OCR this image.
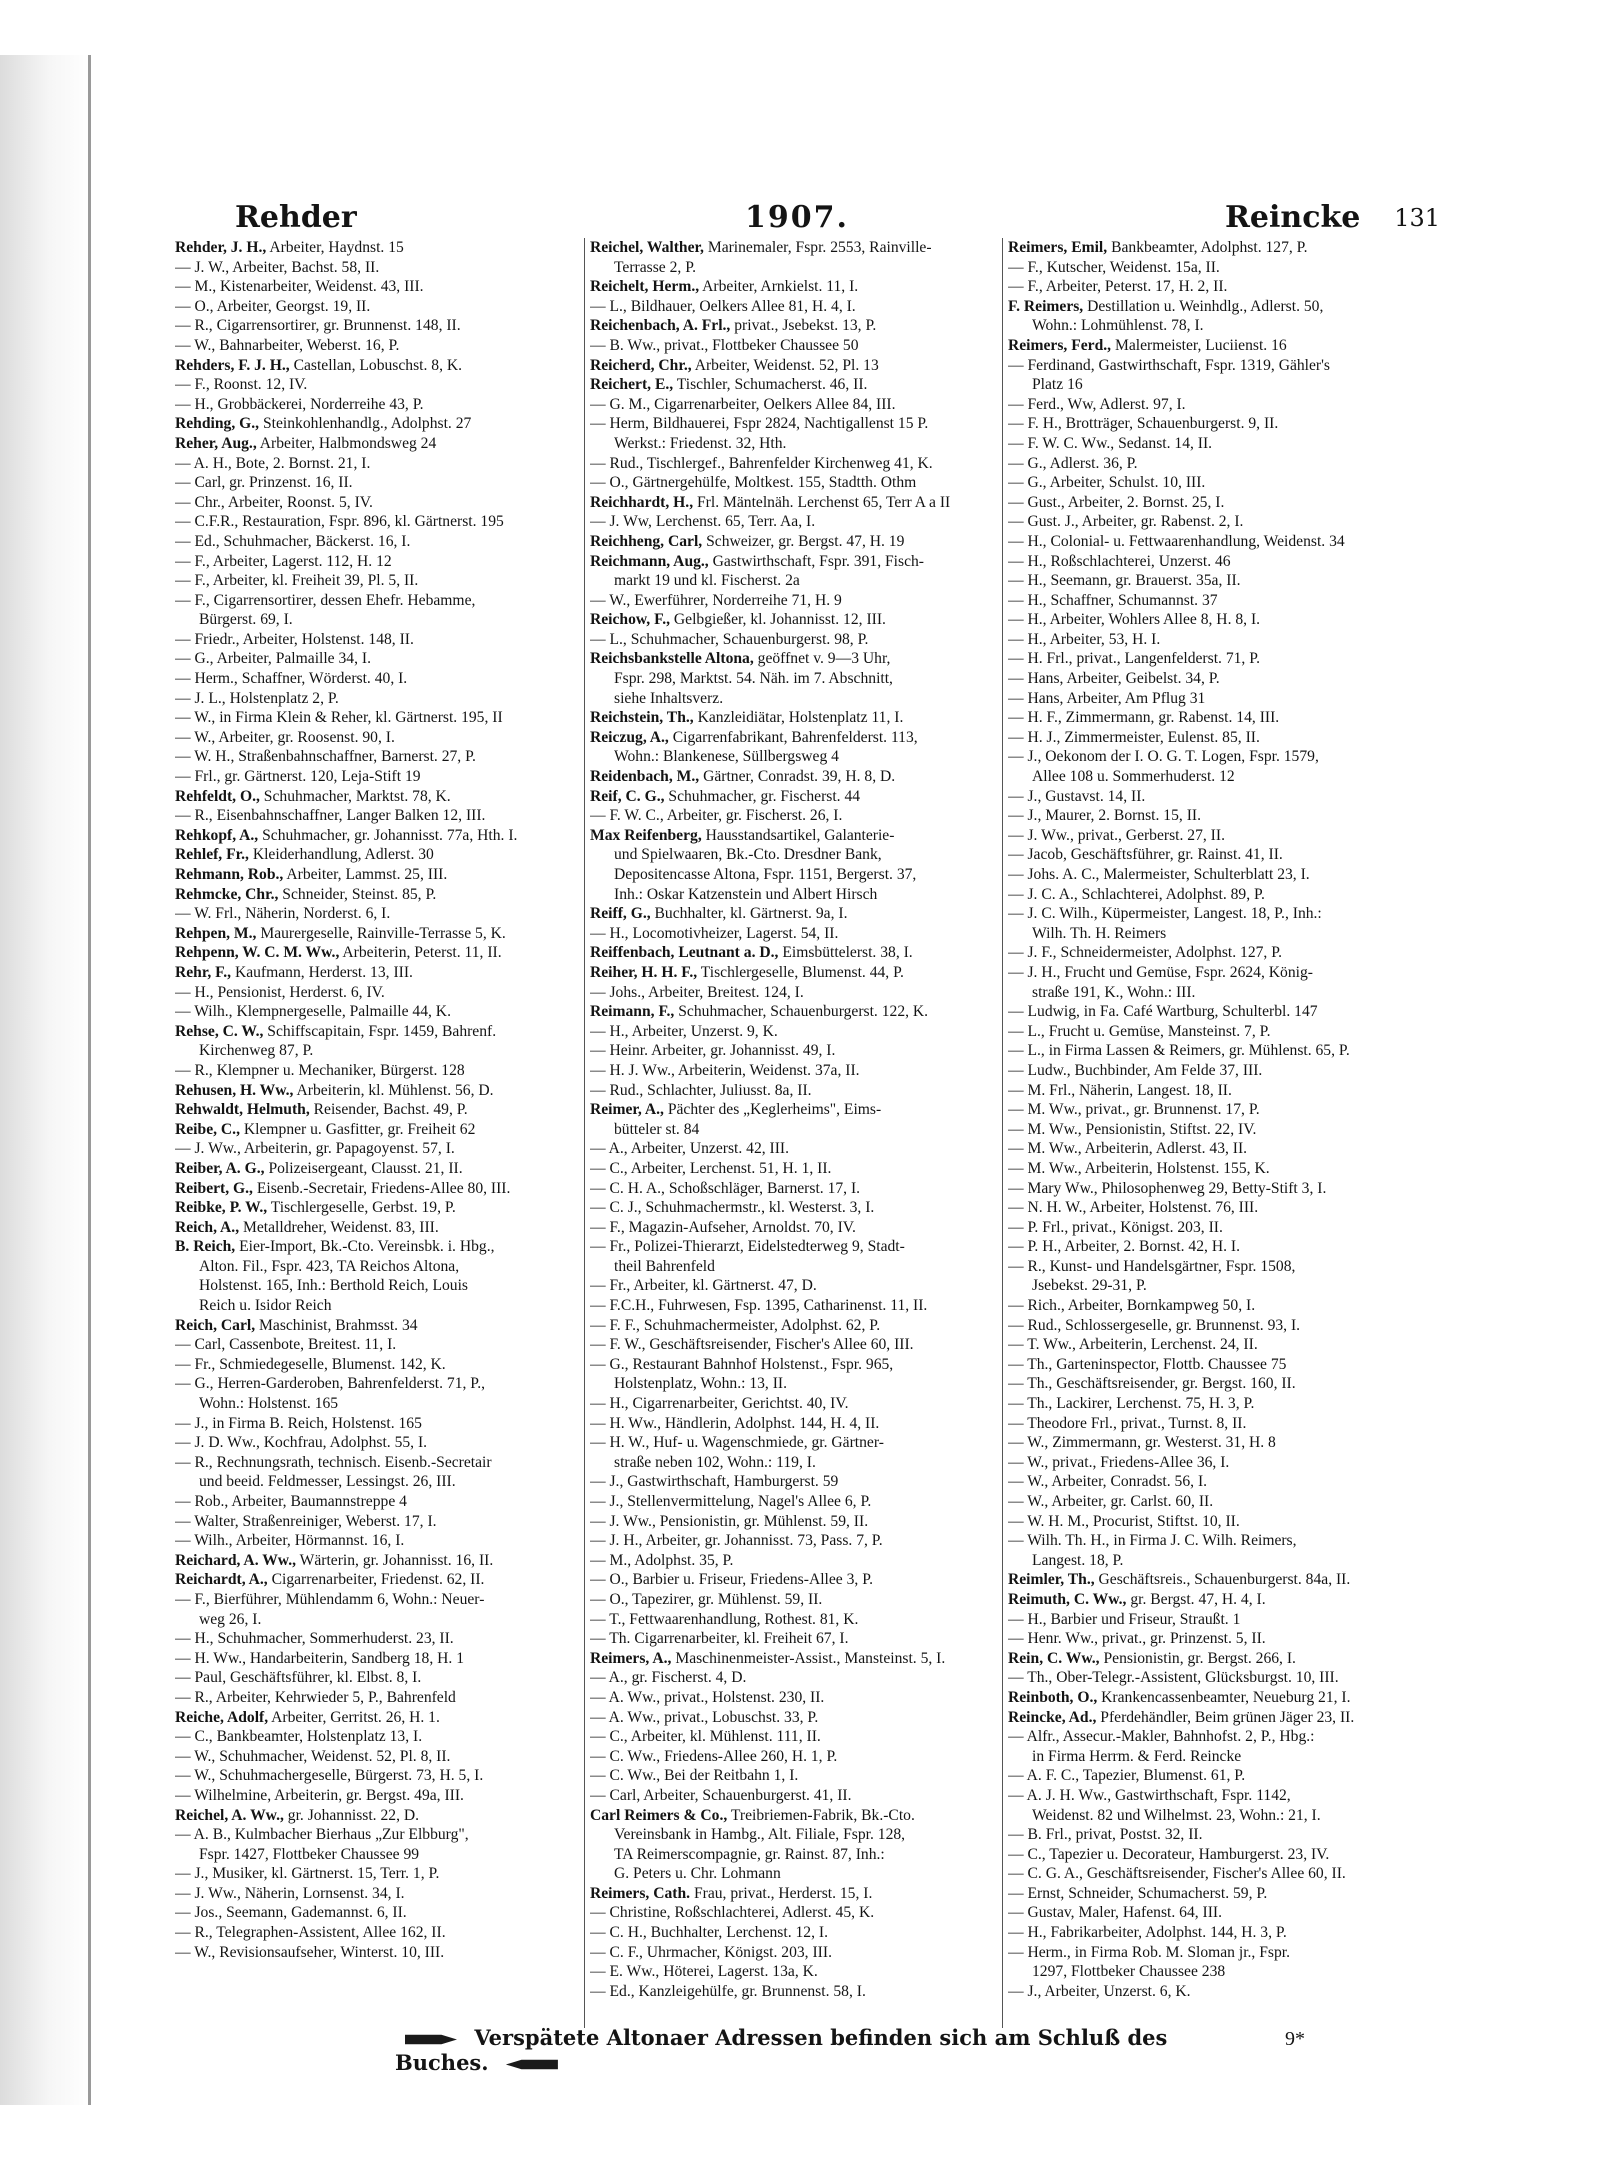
Rehder	1907.	Reincke 131

Rehder, J. H., Arbeiter, Haydnst. 15

— J. W., Arbeiter, Bachst. 58, II.

— M., Kistenarbeiter, Weidenst. 43, III.

— O., Arbeiter, Georgst. 19, II.

— R., Cigarrensortirer, gr. Brunnenst. 148, II.

— W., Bahnarbeiter, Weberst. 16, P.

Rehders, F. J. H., Castellan, Lobuschst. 8, K.

— F., Roonst. 12, IV.

— H., Grobbäckerei, Norderreihe 43, P.

Rehding, G., Steinkohlenhandlg., Adolphst. 27

Reher, Aug., Arbeiter, Halbmondsweg 24

— A. H., Bote, 2. Bornst. 21, I.

— Carl, gr. Prinzenst. 16, II.

— Chr., Arbeiter, Roonst. 5, IV.

— C.F.R., Restauration, Fspr. 896, kl. Gärtnerst. 195

— Ed., Schuhmacher, Bäckerst. 16, I.

— F., Arbeiter, Lagerst. 112, H. 12

— F., Arbeiter, kl. Freiheit 39, Pl. 5, II.

— F., Cigarrensortirer, dessen Ehefr. Hebamme,

Bürgerst. 69, I.

— Friedr., Arbeiter, Holstenst. 148, II.

— G., Arbeiter, Palmaille 34, I.

— Herm., Schaffner, Wörderst. 40, I.

— J. L., Holstenplatz 2, P.

— W., in Firma Klein & Reher, kl. Gärtnerst. 195, II

— W., Arbeiter, gr. Roosenst. 90, I.

— W. H., Straßenbahnschaffner, Barnerst. 27, P.

— Frl., gr. Gärtnerst. 120, Leja-Stift 19

Rehfeldt, O., Schuhmacher, Marktst. 78, K.

— R., Eisenbahnschaffner, Langer Balken 12, III.

Rehkopf, A., Schuhmacher, gr. Johannisst. 77a, Hth. I.

Rehlef, Fr., Kleiderhandlung, Adlerst. 30

Rehmann, Rob., Arbeiter, Lammst. 25, III.

Rehmcke, Chr., Schneider, Steinst. 85, P.

— W. Frl., Näherin, Norderst. 6, I.

Rehpen, M., Maurergeselle, Rainville-Terrasse 5, K.

Rehpenn, W. C. M. Ww., Arbeiterin, Peterst. 11, II.

Rehr, F., Kaufmann, Herderst. 13, III.

— H., Pensionist, Herderst. 6, IV.

— Wilh., Klempnergeselle, Palmaille 44, K.

Rehse, C. W., Schiffscapitain, Fspr. 1459, Bahrenf.

Kirchenweg 87, P.

— R., Klempner u. Mechaniker, Bürgerst. 128

Rehusen, H. Ww., Arbeiterin, kl. Mühlenst. 56, D.

Rehwaldt, Helmuth, Reisender, Bachst. 49, P.

Reibe, C., Klempner u. Gasfitter, gr. Freiheit 62

— J. Ww., Arbeiterin, gr. Papagoyenst. 57, I.

Reiber, A. G., Polizeisergeant, Clausst. 21, II.

Reibert, G., Eisenb.-Secretair, Friedens-Allee 80, III.

Reibke, P. W., Tischlergeselle, Gerbst. 19, P.

Reich, A., Metalldreher, Weidenst. 83, III.

B. Reich, Eier-Import, Bk.-Cto. Vereinsbk. i. Hbg.,

Alton. Fil., Fspr. 423, TA Reichos Altona,

Holstenst. 165, Inh.: Berthold Reich, Louis

Reich u. Isidor Reich

Reich, Carl, Maschinist, Brahmsst. 34

— Carl, Cassenbote, Breitest. 11, I.

— Fr., Schmiedegeselle, Blumenst. 142, K.

— G., Herren-Garderoben, Bahrenfelderst. 71, P.,

Wohn.: Holstenst. 165

— J., in Firma B. Reich, Holstenst. 165

— J. D. Ww., Kochfrau, Adolphst. 55, I.

— R., Rechnungsrath, technisch. Eisenb.-Secretair

und beeid. Feldmesser, Lessingst. 26, III.

— Rob., Arbeiter, Baumannstreppe 4

— Walter, Straßenreiniger, Weberst. 17, I.

— Wilh., Arbeiter, Hörmannst. 16, I.

Reichard, A. Ww., Wärterin, gr. Johannisst. 16, II.

Reichardt, A., Cigarrenarbeiter, Friedenst. 62, II.

— F., Bierführer, Mühlendamm 6, Wohn.: Neuer-

weg 26, I.

— H., Schuhmacher, Sommerhuderst. 23, II.

— H. Ww., Handarbeiterin, Sandberg 18, H. 1

— Paul, Geschäftsführer, kl. Elbst. 8, I.

— R., Arbeiter, Kehrwieder 5, P., Bahrenfeld

Reiche, Adolf, Arbeiter, Gerritst. 26, H. 1.

— C., Bankbeamter, Holstenplatz 13, I.

— W., Schuhmacher, Weidenst. 52, Pl. 8, II.

— W., Schuhmachergeselle, Bürgerst. 73, H. 5, I.

— Wilhelmine, Arbeiterin, gr. Bergst. 49a, III.

Reichel, A. Ww., gr. Johannisst. 22, D.

— A. B., Kulmbacher Bierhaus „Zur Elbburg",

Fspr. 1427, Flottbeker Chaussee 99

— J., Musiker, kl. Gärtnerst. 15, Terr. 1, P.

— J. Ww., Näherin, Lornsenst. 34, I.

— Jos., Seemann, Gademannst. 6, II.

— R., Telegraphen-Assistent, Allee 162, II.

— W., Revisionsaufseher, Winterst. 10, III.

Reichel, Walther, Marinemaler, Fspr. 2553, Rainville-

Terrasse 2, P.

Reichelt, Herm., Arbeiter, Arnkielst. 11, I.

— L., Bildhauer, Oelkers Allee 81, H. 4, I.

Reichenbach, A. Frl., privat., Jsebekst. 13, P.

— B. Ww., privat., Flottbeker Chaussee 50

Reicherd, Chr., Arbeiter, Weidenst. 52, Pl. 13

Reichert, E., Tischler, Schumacherst. 46, II.

— G. M., Cigarrenarbeiter, Oelkers Allee 84, III.

— Herm, Bildhauerei, Fspr 2824, Nachtigallenst 15 P.

Werkst.: Friedenst. 32, Hth.

— Rud., Tischlergef., Bahrenfelder Kirchenweg 41, K.

— O., Gärtnergehülfe, Moltkest. 155, Stadtth. Othm

Reichhardt, H., Frl. Mäntelnäh. Lerchenst 65, Terr A a II

— J. Ww, Lerchenst. 65, Terr. Aa, I.

Reichheng, Carl, Schweizer, gr. Bergst. 47, H. 19

Reichmann, Aug., Gastwirthschaft, Fspr. 391, Fisch-

markt 19 und kl. Fischerst. 2a

— W., Ewerführer, Norderreihe 71, H. 9

Reichow, F., Gelbgießer, kl. Johannisst. 12, III.

— L., Schuhmacher, Schauenburgerst. 98, P.

Reichsbankstelle Altona, geöffnet v. 9—3 Uhr,

Fspr. 298, Marktst. 54. Näh. im 7. Abschnitt,

siehe Inhaltsverz.

Reichstein, Th., Kanzleidiätar, Holstenplatz 11, I.

Reiczug, A., Cigarrenfabrikant, Bahrenfelderst. 113,

Wohn.: Blankenese, Süllbergsweg 4

Reidenbach, M., Gärtner, Conradst. 39, H. 8, D.

Reif, C. G., Schuhmacher, gr. Fischerst. 44

— F. W. C., Arbeiter, gr. Fischerst. 26, I.

Max Reifenberg, Hausstandsartikel, Galanterie-

und Spielwaaren, Bk.-Cto. Dresdner Bank,

Depositencasse Altona, Fspr. 1151, Bergerst. 37,

Inh.: Oskar Katzenstein und Albert Hirsch

Reiff, G., Buchhalter, kl. Gärtnerst. 9a, I.

— H., Locomotivheizer, Lagerst. 54, II.

Reiffenbach, Leutnant a. D., Eimsbüttelerst. 38, I.

Reiher, H. H. F., Tischlergeselle, Blumenst. 44, P.

— Johs., Arbeiter, Breitest. 124, I.

Reimann, F., Schuhmacher, Schauenburgerst. 122, K.

— H., Arbeiter, Unzerst. 9, K.

— Heinr. Arbeiter, gr. Johannisst. 49, I.

— H. J. Ww., Arbeiterin, Weidenst. 37a, II.

— Rud., Schlachter, Juliusst. 8a, II.

Reimer, A., Pächter des „Keglerheims", Eims-

bütteler st. 84

— A., Arbeiter, Unzerst. 42, III.

— C., Arbeiter, Lerchenst. 51, H. 1, II.

— C. H. A., Schoßschläger, Barnerst. 17, I.

— C. J., Schuhmachermstr., kl. Westerst. 3, I.

— F., Magazin-Aufseher, Arnoldst. 70, IV.

— Fr., Polizei-Thierarzt, Eidelstedterweg 9, Stadt-

theil Bahrenfeld

— Fr., Arbeiter, kl. Gärtnerst. 47, D.

— F.C.H., Fuhrwesen, Fsp. 1395, Catharinenst. 11, II.

— F. F., Schuhmachermeister, Adolphst. 62, P.

— F. W., Geschäftsreisender, Fischer's Allee 60, III.

— G., Restaurant Bahnhof Holstenst., Fspr. 965,

Holstenplatz, Wohn.: 13, II.

— H., Cigarrenarbeiter, Gerichtst. 40, IV.

— H. Ww., Händlerin, Adolphst. 144, H. 4, II.

— H. W., Huf- u. Wagenschmiede, gr. Gärtner-

straße neben 102, Wohn.: 119, I.

— J., Gastwirthschaft, Hamburgerst. 59

— J., Stellenvermittelung, Nagel's Allee 6, P.

— J. Ww., Pensionistin, gr. Mühlenst. 59, II.

— J. H., Arbeiter, gr. Johannisst. 73, Pass. 7, P.

— M., Adolphst. 35, P.

— O., Barbier u. Friseur, Friedens-Allee 3, P.

— O., Tapezirer, gr. Mühlenst. 59, II.

— T., Fettwaarenhandlung, Rothest. 81, K.

— Th. Cigarrenarbeiter, kl. Freiheit 67, I.

Reimers, A., Maschinenmeister-Assist., Mansteinst. 5, I.

— A., gr. Fischerst. 4, D.

— A. Ww., privat., Holstenst. 230, II.

— A. Ww., privat., Lobuschst. 33, P.

— C., Arbeiter, kl. Mühlenst. 111, II.

— C. Ww., Friedens-Allee 260, H. 1, P.

— C. Ww., Bei der Reitbahn 1, I.

— Carl, Arbeiter, Schauenburgerst. 41, II.

Carl Reimers & Co., Treibriemen-Fabrik, Bk.-Cto.

Vereinsbank in Hambg., Alt. Filiale, Fspr. 128,

TA Reimerscompagnie, gr. Rainst. 87, Inh.:

G. Peters u. Chr. Lohmann

Reimers, Cath. Frau, privat., Herderst. 15, I.

— Christine, Roßschlachterei, Adlerst. 45, K.

— C. H., Buchhalter, Lerchenst. 12, I.

— C. F., Uhrmacher, Königst. 203, III.

— E. Ww., Höterei, Lagerst. 13a, K.

— Ed., Kanzleigehülfe, gr. Brunnenst. 58, I.

Reimers, Emil, Bankbeamter, Adolphst. 127, P.

— F., Kutscher, Weidenst. 15a, II.

— F., Arbeiter, Peterst. 17, H. 2, II.

F. Reimers, Destillation u. Weinhdlg., Adlerst. 50,

Wohn.: Lohmühlenst. 78, I.

Reimers, Ferd., Malermeister, Luciienst. 16

— Ferdinand, Gastwirthschaft, Fspr. 1319, Gähler's

Platz 16

— Ferd., Ww, Adlerst. 97, I.

— F. H., Brotträger, Schauenburgerst. 9, II.

— F. W. C. Ww., Sedanst. 14, II.

— G., Adlerst. 36, P.

— G., Arbeiter, Schulst. 10, III.

— Gust., Arbeiter, 2. Bornst. 25, I.

— Gust. J., Arbeiter, gr. Rabenst. 2, I.

— H., Colonial- u. Fettwaarenhandlung, Weidenst. 34

— H., Roßschlachterei, Unzerst. 46

— H., Seemann, gr. Brauerst. 35a, II.

— H., Schaffner, Schumannst. 37

— H., Arbeiter, Wohlers Allee 8, H. 8, I.

— H., Arbeiter, 53, H. I.

— H. Frl., privat., Langenfelderst. 71, P.

— Hans, Arbeiter, Geibelst. 34, P.

— Hans, Arbeiter, Am Pflug 31

— H. F., Zimmermann, gr. Rabenst. 14, III.

— H. J., Zimmermeister, Eulenst. 85, II.

— J., Oekonom der I. O. G. T. Logen, Fspr. 1579,

Allee 108 u. Sommerhuderst. 12

— J., Gustavst. 14, II.

— J., Maurer, 2. Bornst. 15, II.

— J. Ww., privat., Gerberst. 27, II.

— Jacob, Geschäftsführer, gr. Rainst. 41, II.

— Johs. A. C., Malermeister, Schulterblatt 23, I.

— J. C. A., Schlachterei, Adolphst. 89, P.

— J. C. Wilh., Küpermeister, Langest. 18, P., Inh.:

Wilh. Th. H. Reimers

— J. F., Schneidermeister, Adolphst. 127, P.

— J. H., Frucht und Gemüse, Fspr. 2624, König-

straße 191, K., Wohn.: III.

— Ludwig, in Fa. Café Wartburg, Schulterbl. 147

— L., Frucht u. Gemüse, Mansteinst. 7, P.

— L., in Firma Lassen & Reimers, gr. Mühlenst. 65, P.

— Ludw., Buchbinder, Am Felde 37, III.

— M. Frl., Näherin, Langest. 18, II.

— M. Ww., privat., gr. Brunnenst. 17, P.

— M. Ww., Pensionistin, Stiftst. 22, IV.

— M. Ww., Arbeiterin, Adlerst. 43, II.

— M. Ww., Arbeiterin, Holstenst. 155, K.

— Mary Ww., Philosophenweg 29, Betty-Stift 3, I.

— N. H. W., Arbeiter, Holstenst. 76, III.

— P. Frl., privat., Königst. 203, II.

— P. H., Arbeiter, 2. Bornst. 42, H. I.

— R., Kunst- und Handelsgärtner, Fspr. 1508,

Jsebekst. 29-31, P.

— Rich., Arbeiter, Bornkampweg 50, I.

— Rud., Schlossergeselle, gr. Brunnenst. 93, I.

— T. Ww., Arbeiterin, Lerchenst. 24, II.

— Th., Garteninspector, Flottb. Chaussee 75

— Th., Geschäftsreisender, gr. Bergst. 160, II.

— Th., Lackirer, Lerchenst. 75, H. 3, P.

— Theodore Frl., privat., Turnst. 8, II.

— W., Zimmermann, gr. Westerst. 31, H. 8

— W., privat., Friedens-Allee 36, I.

— W., Arbeiter, Conradst. 56, I.

— W., Arbeiter, gr. Carlst. 60, II.

— W. H. M., Procurist, Stiftst. 10, II.

— Wilh. Th. H., in Firma J. C. Wilh. Reimers,

Langest. 18, P.

Reimler, Th., Geschäftsreis., Schauenburgerst. 84a, II.

Reimuth, C. Ww., gr. Bergst. 47, H. 4, I.

— H., Barbier und Friseur, Straußt. 1

— Henr. Ww., privat., gr. Prinzenst. 5, II.

Rein, C. Ww., Pensionistin, gr. Bergst. 266, I.

— Th., Ober-Telegr.-Assistent, Glücksburgst. 10, III.

Reinboth, O., Krankencassenbeamter, Neueburg 21, I.

Reincke, Ad., Pferdehändler, Beim grünen Jäger 23, II.

— Alfr., Assecur.-Makler, Bahnhofst. 2, P., Hbg.:

in Firma Herrm. & Ferd. Reincke

— A. F. C., Tapezier, Blumenst. 61, P.

— A. J. H. Ww., Gastwirthschaft, Fspr. 1142,

Weidenst. 82 und Wilhelmst. 23, Wohn.: 21, I.

— B. Frl., privat, Postst. 32, II.

— C., Tapezier u. Decorateur, Hamburgerst. 23, IV.

— C. G. A., Geschäftsreisender, Fischer's Allee 60, II.

— Ernst, Schneider, Schumacherst. 59, P.

— Gustav, Maler, Hafenst. 64, III.

— H., Fabrikarbeiter, Adolphst. 144, H. 3, P.

— Herm., in Firma Rob. M. Sloman jr., Fspr.

1297, Flottbeker Chaussee 238

— J., Arbeiter, Unzerst. 6, K.

Verspätete Altonaer Adressen befinden sich am Schluß des Buches.
9*
